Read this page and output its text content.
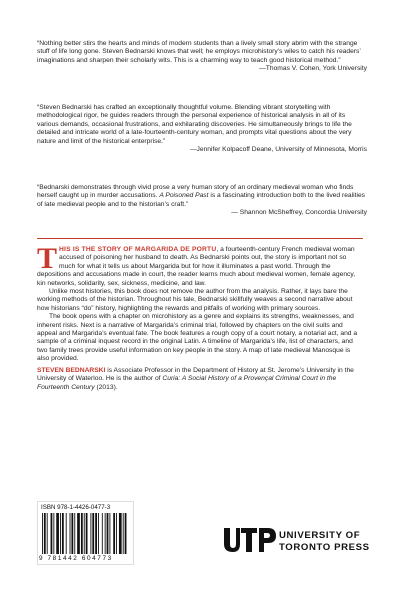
“Nothing better stirs the hearts and minds of modern students than a lively small story abrim with the strange stuff of life long gone. Steven Bednarski knows that well; he employs microhistory’s wiles to catch his readers’ imaginations and sharpen their scholarly wits. This is a charming way to teach good historical method.”

—Thomas V. Cohen, York University

“Steven Bednarski has crafted an exceptionally thoughtful volume. Blending vibrant storytelling with methodological rigor, he guides readers through the personal experience of historical analysis in all of its various demands, occasional frustrations, and exhilarating discoveries. He simultaneously brings to life the detailed and intricate world of a late-fourteenth-century woman, and prompts vital questions about the very nature and limit of the historical enterprise.”

—Jennifer Kolpacoff Deane, University of Minnesota, Morris

“Bednarski demonstrates through vivid prose a very human story of an ordinary medieval woman who finds herself caught up in murder accusations. A Poisoned Past is a fascinating introduction both to the lived realities of late medieval people and to the historian’s craft.”

— Shannon McSheffrey, Concordia University

THIS IS THE STORY OF MARGARIDA DE PORTU, a fourteenth-century French medieval woman accused of poisoning her husband to death. As Bednarski points out, the story is important not so much for what it tells us about Margarida but for how it illuminates a past world. Through the depositions and accusations made in court, the reader learns much about medieval women, female agency, kin networks, solidarity, sex, sickness, medicine, and law.

Unlike most histories, this book does not remove the author from the analysis. Rather, it lays bare the working methods of the historian. Throughout his tale, Bednarski skillfully weaves a second narrative about how historians “do” history, highlighting the rewards and pitfalls of working with primary sources.

The book opens with a chapter on microhistory as a genre and explains its strengths, weaknesses, and inherent risks. Next is a narrative of Margarida’s criminal trial, followed by chapters on the civil suits and appeal and Margarida’s eventual fate. The book features a rough copy of a court notary, a notarial act, and a sample of a criminal inquest record in the original Latin. A timeline of Margarida’s life, list of characters, and two family trees provide useful information on key people in the story. A map of late medieval Manosque is also provided.

STEVEN BEDNARSKI is Associate Professor in the Department of History at St. Jerome’s University in the University of Waterloo. He is the author of Curia: A Social History of a Provençal Criminal Court in the Fourteenth Century (2013).

ISBN 978-1-4426-0477-3
9 781442 604773
UNIVERSITY OF
TORONTO PRESS
